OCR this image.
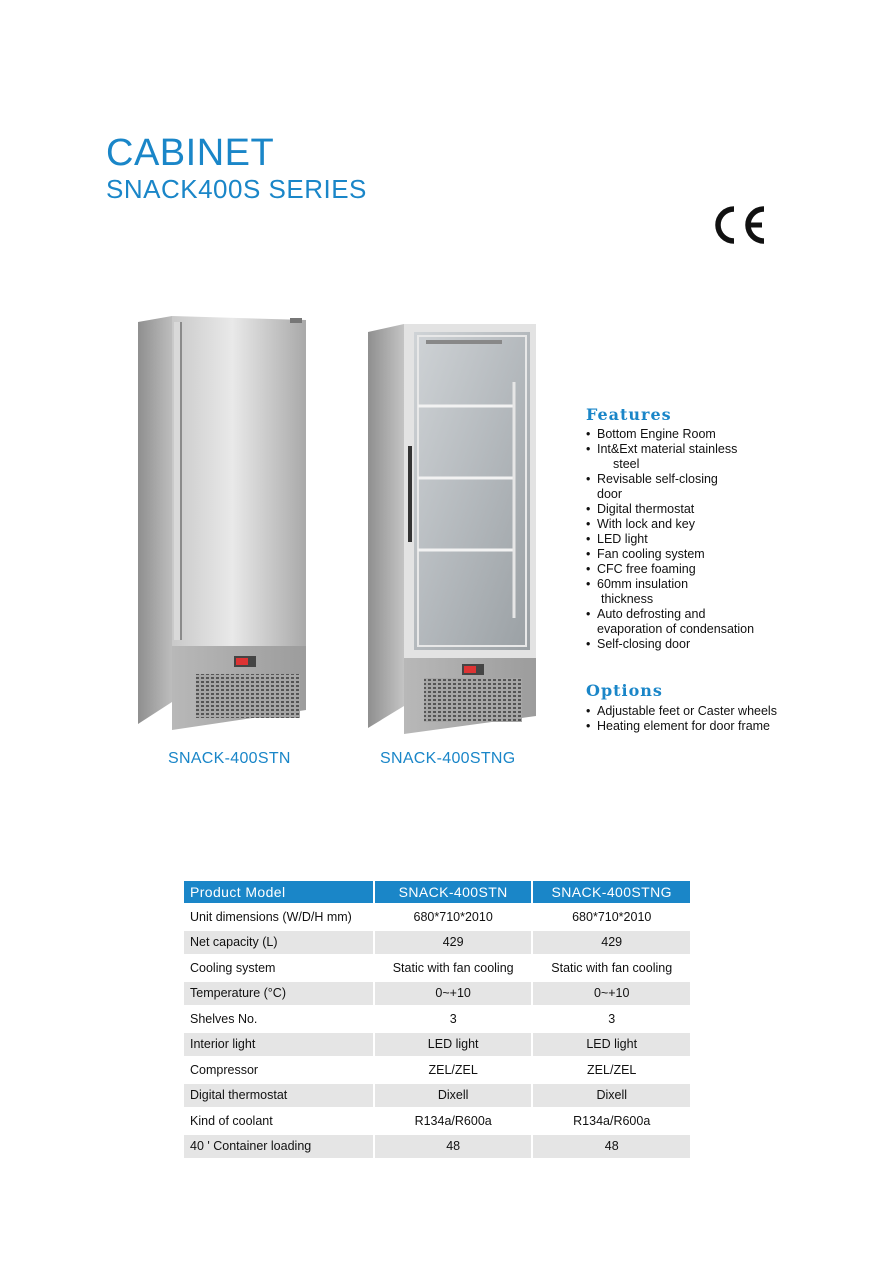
CABINET
SNACK400S SERIES
SNACK-400STN	SNACK-400STNG
Features
• Bottom Engine Room
• Int&Ext material stainless
steel
• Revisable self-closing
door
• Digital thermostat
• With lock and key
• LED light
• Fan cooling system
• CFC free foaming
• 60mm insulation
thickness
• Auto defrosting and
evaporation of condensation
• Self-closing door
Options
• Adjustable feet or Caster wheels
• Heating element for door frame
Product Model	SNACK-400STN	SNACK-400STNG
Unit dimensions (W/D/H mm)	680*710*2010	680*710*2010
Net capacity (L)	429	429
Cooling system	Static with fan cooling	Static with fan cooling
Temperature (°C)	0~+10	0~+10
Shelves No.	3	3
Interior light	LED light	LED light
Compressor	ZEL/ZEL	ZEL/ZEL
Digital thermostat	Dixell	Dixell
Kind of coolant	R134a/R600a	R134a/R600a
40 ' Container loading	48	48
